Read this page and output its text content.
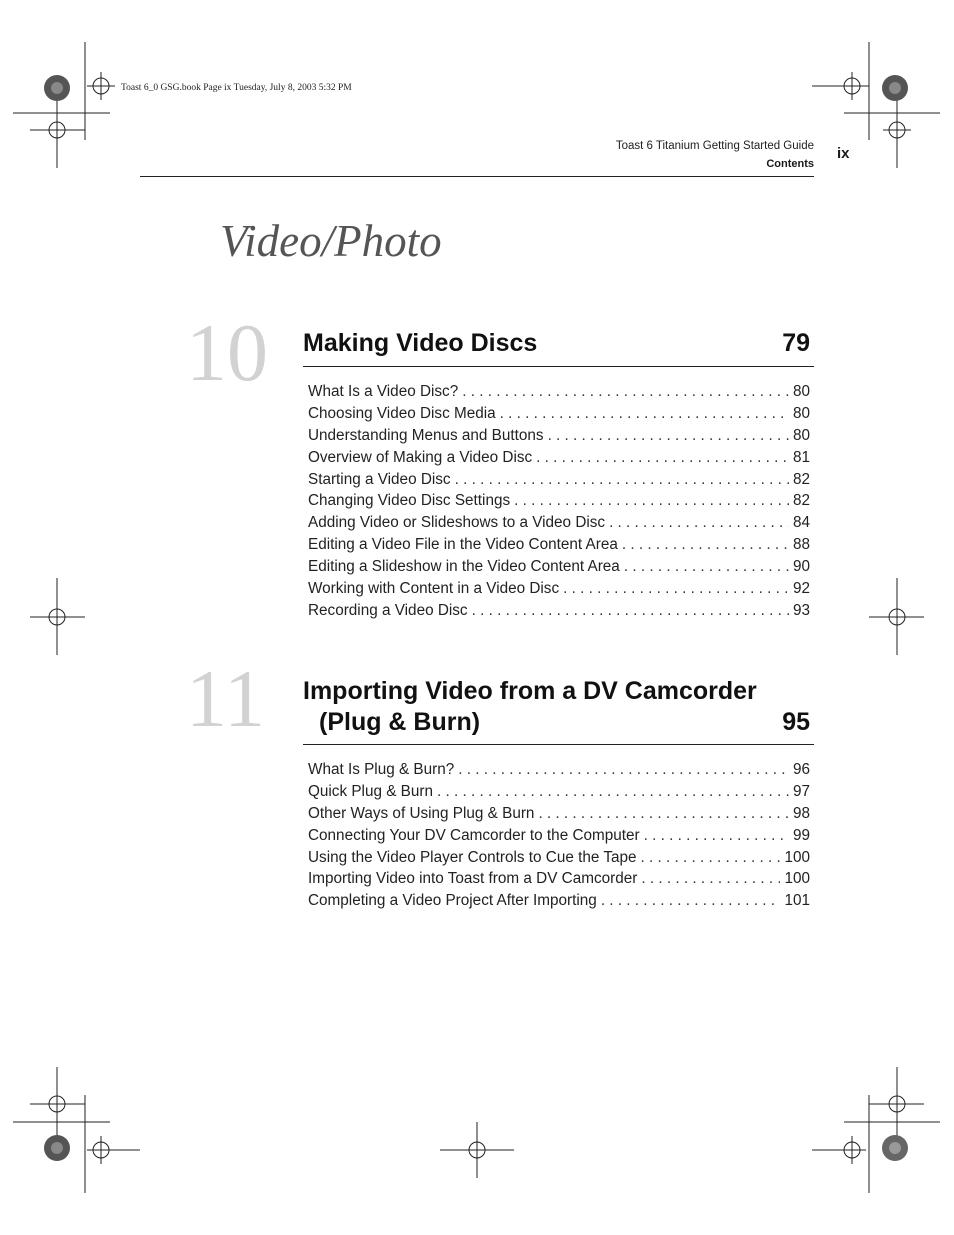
Toast 6_0 GSG.book Page ix Tuesday, July 8, 2003 5:32 PM
Toast 6 Titanium Getting Started Guide
Contents
ix
Video/Photo
10 Making Video Discs	79
What Is a Video Disc? . . .	80
Choosing Video Disc Media . . .	80
Understanding Menus and Buttons . . .	80
Overview of Making a Video Disc . . .	81
Starting a Video Disc . . .	82
Changing Video Disc Settings . . .	82
Adding Video or Slideshows to a Video Disc . . .	84
Editing a Video File in the Video Content Area . . .	88
Editing a Slideshow in the Video Content Area . . .	90
Working with Content in a Video Disc . . .	92
Recording a Video Disc . . .	93
11 Importing Video from a DV Camcorder
(Plug & Burn)	95
What Is Plug & Burn? . . .	96
Quick Plug & Burn . . .	97
Other Ways of Using Plug & Burn . . .	98
Connecting Your DV Camcorder to the Computer . . .	99
Using the Video Player Controls to Cue the Tape . . .	100
Importing Video into Toast from a DV Camcorder . . .	100
Completing a Video Project After Importing . . .	101
